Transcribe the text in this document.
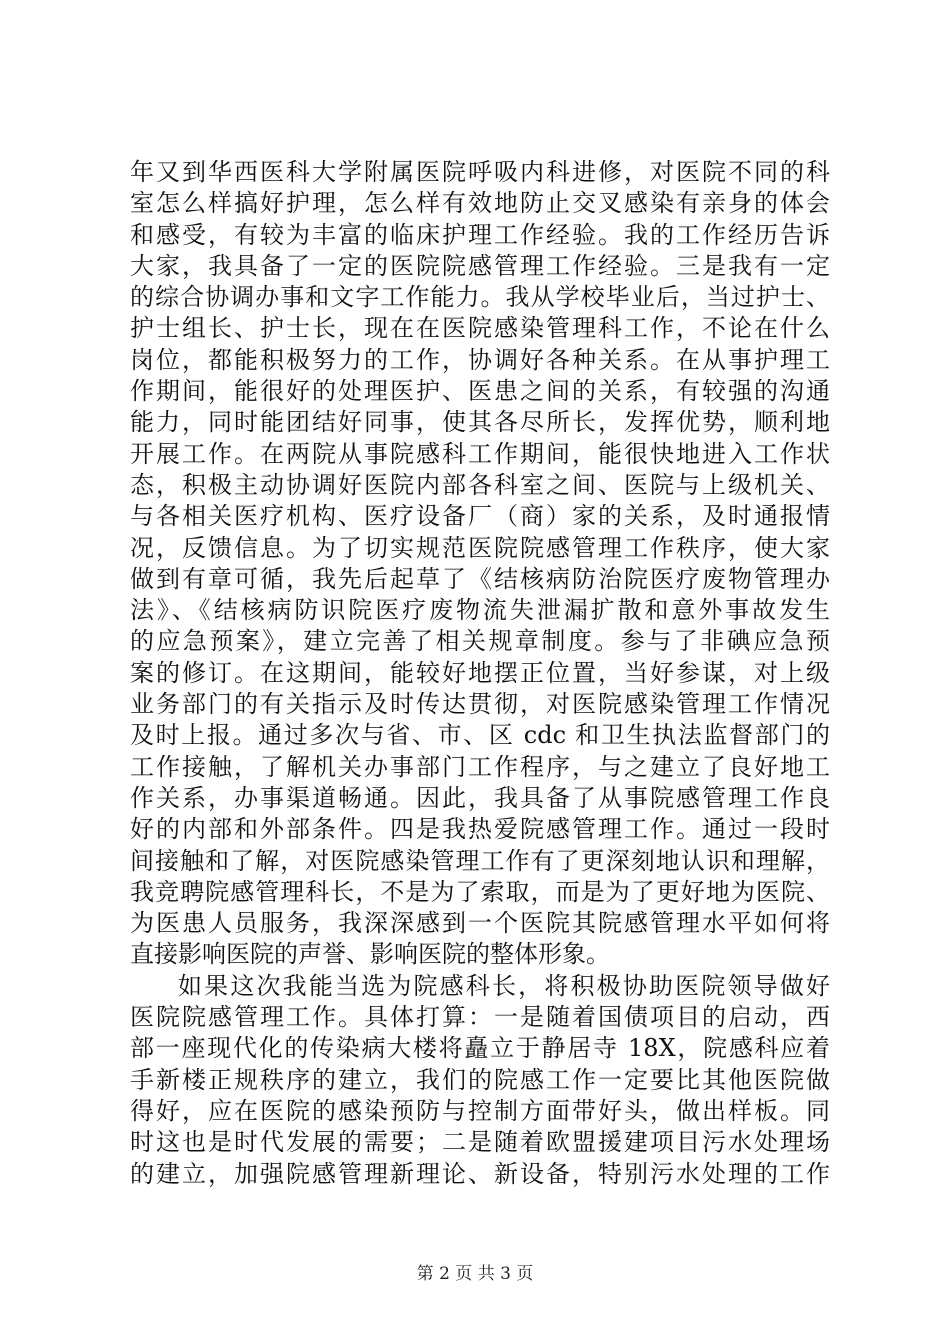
年又到华西医科大学附属医院呼吸内科进修，对医院不同的科
室怎么样搞好护理，怎么样有效地防止交叉感染有亲身的体会
和感受，有较为丰富的临床护理工作经验。我的工作经历告诉
大家，我具备了一定的医院院感管理工作经验。三是我有一定
的综合协调办事和文字工作能力。我从学校毕业后，当过护士、
护士组长、护士长，现在在医院感染管理科工作，不论在什么
岗位，都能积极努力的工作，协调好各种关系。在从事护理工
作期间，能很好的处理医护、医患之间的关系，有较强的沟通
能力，同时能团结好同事，使其各尽所长，发挥优势，顺利地
开展工作。在两院从事院感科工作期间，能很快地进入工作状
态，积极主动协调好医院内部各科室之间、医院与上级机关、
与各相关医疗机构、医疗设备厂（商）家的关系，及时通报情
况，反馈信息。为了切实规范医院院感管理工作秩序，使大家
做到有章可循，我先后起草了《结核病防治院医疗废物管理办
法》、《结核病防识院医疗废物流失泄漏扩散和意外事故发生
的应急预案》，建立完善了相关规章制度。参与了非碘应急预
案的修订。在这期间，能较好地摆正位置，当好参谋，对上级
业务部门的有关指示及时传达贯彻，对医院感染管理工作情况
及时上报。通过多次与省、市、区 cdc 和卫生执法监督部门的
工作接触，了解机关办事部门工作程序，与之建立了良好地工
作关系，办事渠道畅通。因此，我具备了从事院感管理工作良
好的内部和外部条件。四是我热爱院感管理工作。通过一段时
间接触和了解，对医院感染管理工作有了更深刻地认识和理解，
我竞聘院感管理科长，不是为了索取，而是为了更好地为医院、
为医患人员服务，我深深感到一个医院其院感管理水平如何将
直接影响医院的声誉、影响医院的整体形象。
如果这次我能当选为院感科长，将积极协助医院领导做好
医院院感管理工作。具体打算：一是随着国债项目的启动，西
部一座现代化的传染病大楼将矗立于静居寺 18X，院感科应着
手新楼正规秩序的建立，我们的院感工作一定要比其他医院做
得好，应在医院的感染预防与控制方面带好头，做出样板。同
时这也是时代发展的需要；二是随着欧盟援建项目污水处理场
的建立，加强院感管理新理论、新设备，特别污水处理的工作
第 2 页 共 3 页
